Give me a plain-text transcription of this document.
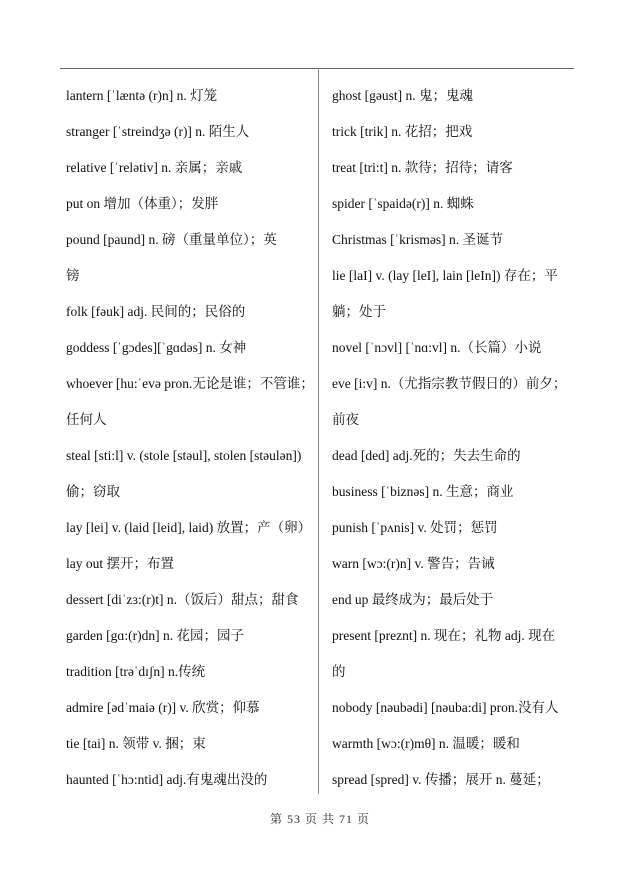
lantern [ˈlæntə (r)n] n. 灯笼
stranger [ˈstreindʒə (r)] n. 陌生人
relative [ˈrelətiv] n. 亲属；亲戚
put on 增加（体重）；发胖
pound [paund] n. 磅（重量单位）；英
镑
folk [fəuk] adj. 民间的；民俗的
goddess [ˈgɔdes][ˈgɑdəs] n. 女神
whoever [hu:ˈevə pron.无论是谁；不管谁；
任何人
steal [sti:l] v. (stole [stəul], stolen [stəulən])
偷；窃取
lay [lei] v. (laid [leid], laid) 放置；产（卵）
lay out 摆开；布置
dessert [diˈzɜ:(r)t] n.（饭后）甜点；甜食
garden [gɑ:(r)dn] n. 花园；园子
tradition [trəˈdɪʃn] n.传统
admire [ədˈmaiə (r)] v. 欣赏；仰慕
tie [tai] n. 领带 v. 捆；束
haunted [ˈhɔ:ntid] adj.有鬼魂出没的
ghost [gəust] n. 鬼；鬼魂
trick [trik] n. 花招；把戏
treat [tri:t] n. 款待；招待；请客
spider [ˈspaidə(r)] n. 蜘蛛
Christmas [ˈkrisməs] n. 圣诞节
lie [laI] v. (lay [leI], lain [leIn]) 存在；平
躺；处于
novel [ˈnɔvl] [ˈnɑ:vl] n.（长篇）小说
eve [i:v] n.（尤指宗教节假日的）前夕；
前夜
dead [ded] adj.死的；失去生命的
business [ˈbiznəs] n. 生意；商业
punish [ˈpʌnis] v. 处罚；惩罚
warn [wɔ:(r)n] v. 警告；告诫
end up 最终成为；最后处于
present [preznt] n. 现在；礼物 adj. 现在
的
nobody [nəubədi] [nəuba:di] pron.没有人
warmth [wɔ:(r)mθ] n. 温暖；暖和
spread [spred] v. 传播；展开 n. 蔓延；
第 53 页 共 71 页
